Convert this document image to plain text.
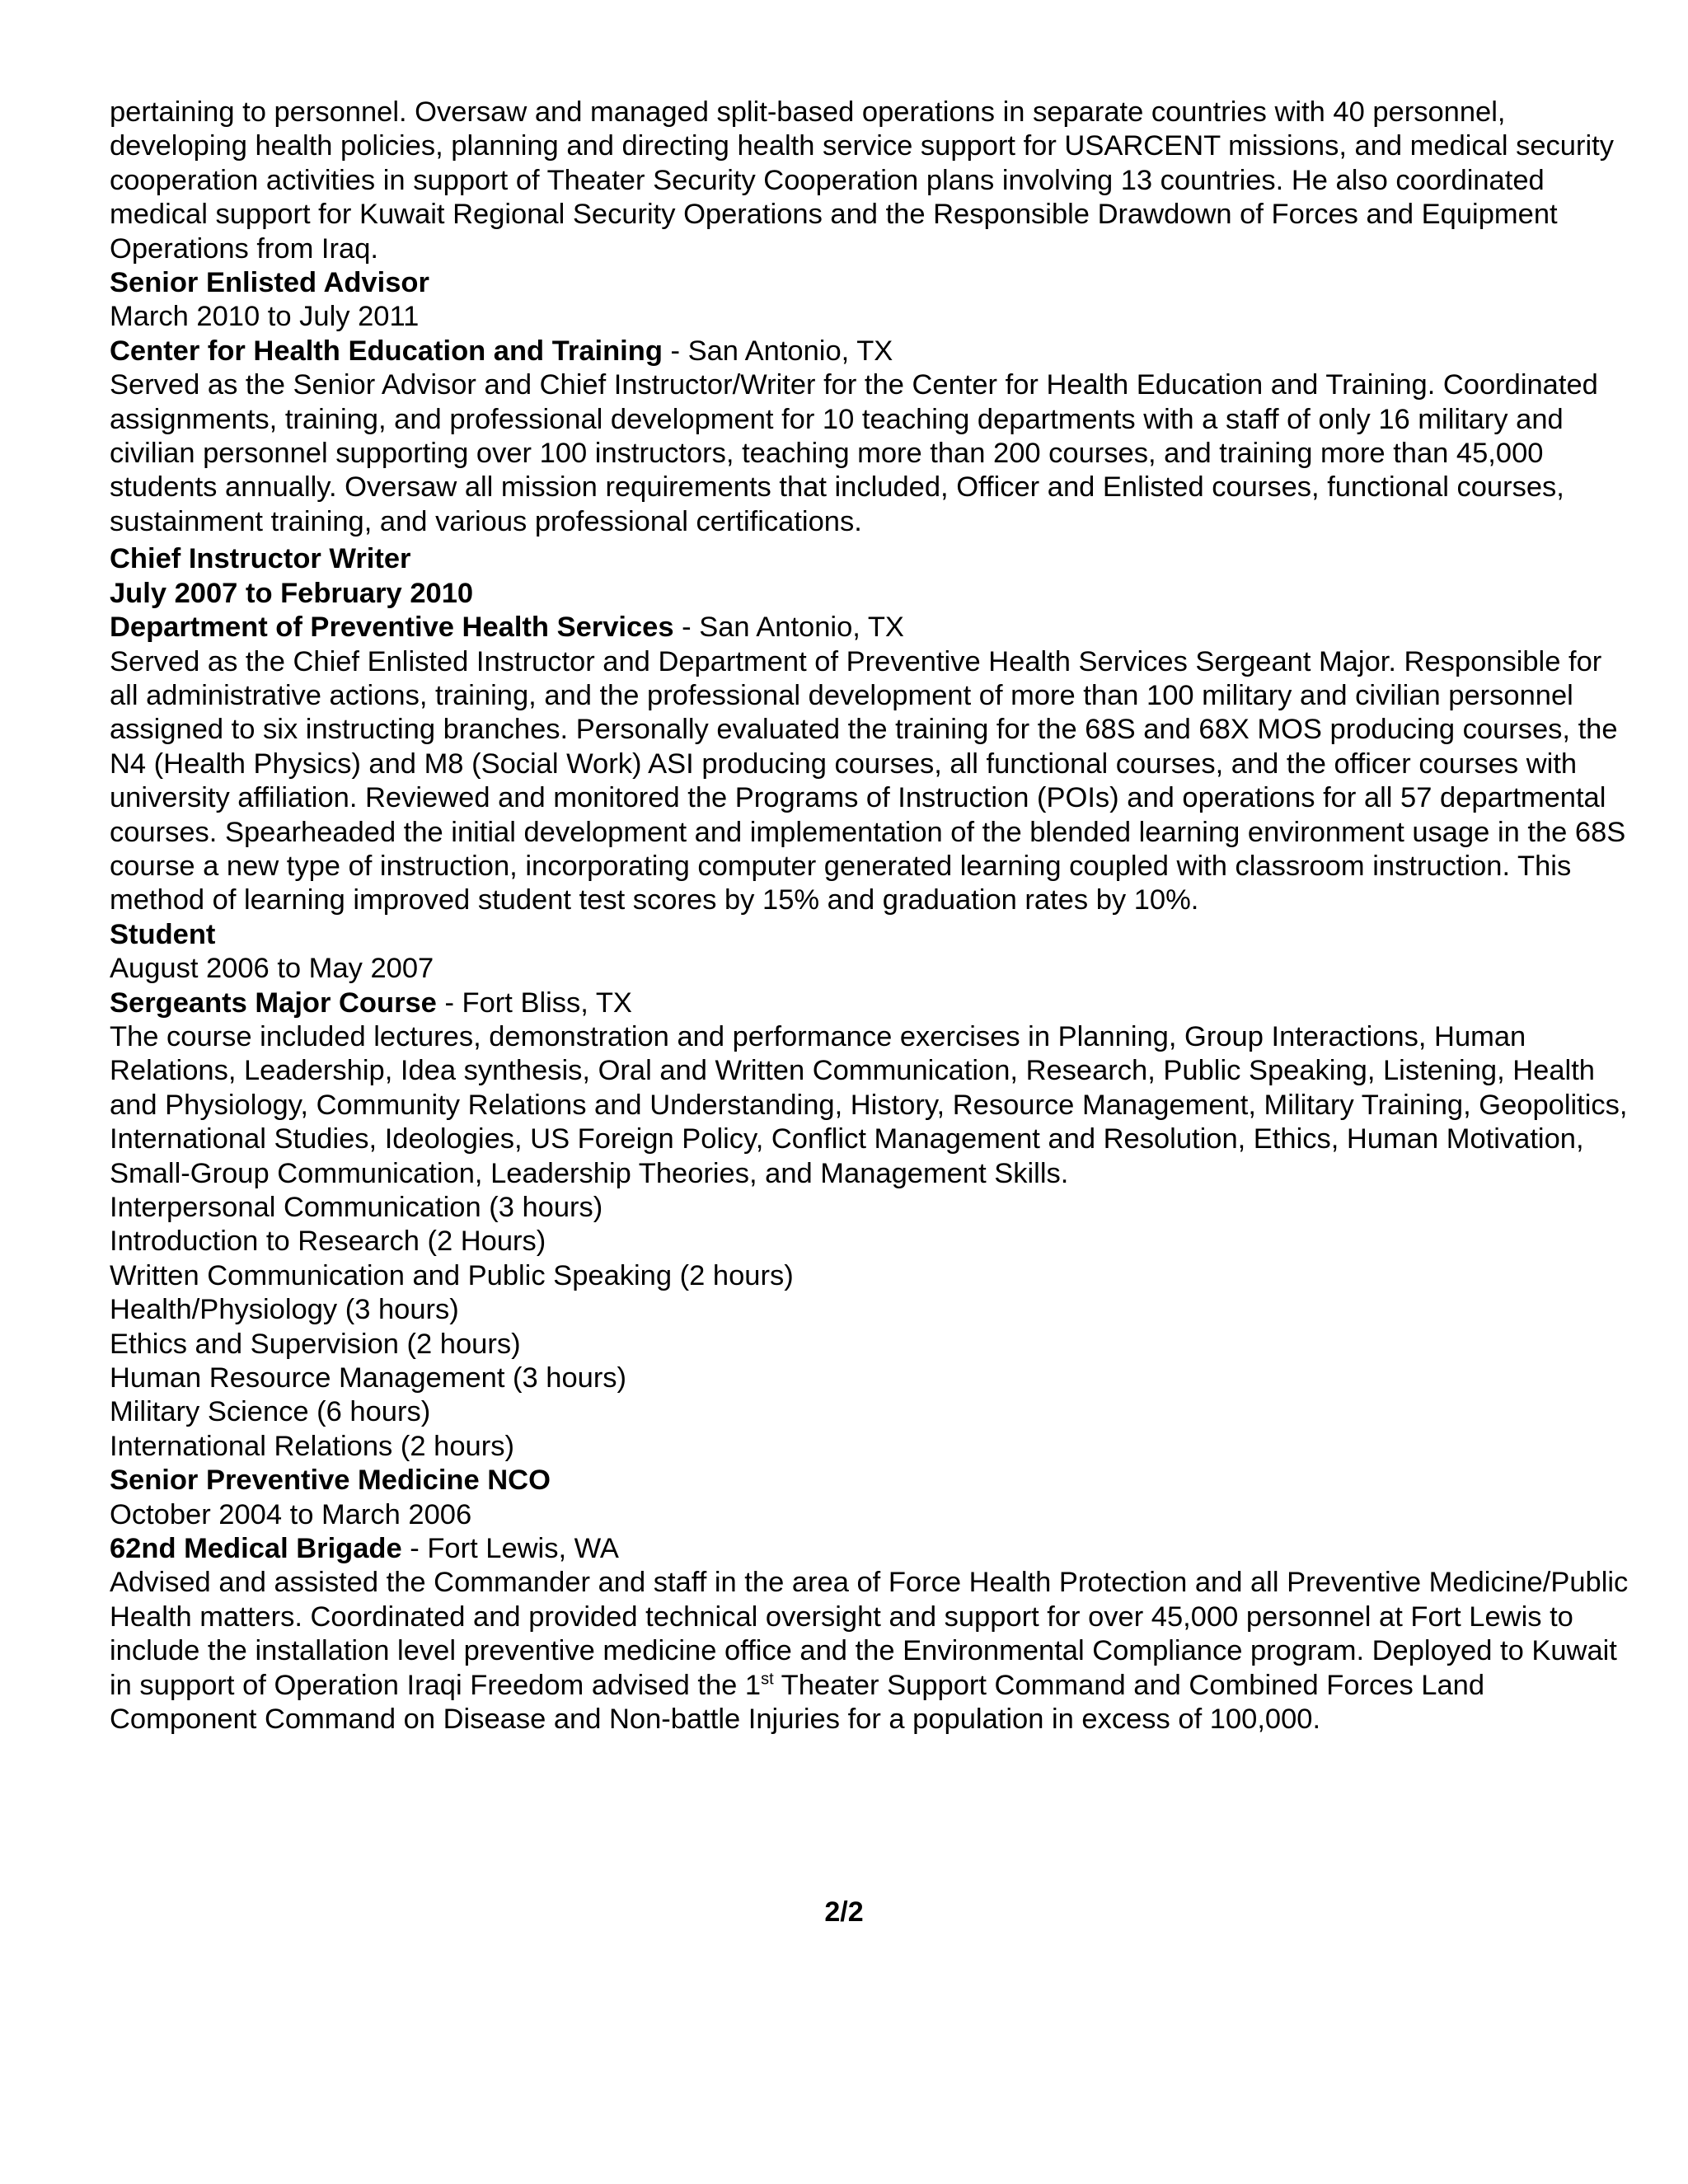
pertaining to personnel. Oversaw and managed split-based operations in separate countries with 40 personnel, developing health policies, planning and directing health service support for USARCENT missions, and medical security cooperation activities in support of Theater Security Cooperation plans involving 13 countries. He also coordinated medical support for Kuwait Regional Security Operations and the Responsible Drawdown of Forces and Equipment Operations from Iraq.

Senior Enlisted Advisor
March 2010 to July 2011
Center for Health Education and Training - San Antonio, TX

Served as the Senior Advisor and Chief Instructor/Writer for the Center for Health Education and Training. Coordinated assignments, training, and professional development for 10 teaching departments with a staff of only 16 military and civilian personnel supporting over 100 instructors, teaching more than 200 courses, and training more than 45,000 students annually. Oversaw all mission requirements that included, Officer and Enlisted courses, functional courses, sustainment training, and various professional certifications.

Chief Instructor Writer
July 2007 to February 2010
Department of Preventive Health Services - San Antonio, TX

Served as the Chief Enlisted Instructor and Department of Preventive Health Services Sergeant Major. Responsible for all administrative actions, training, and the professional development of more than 100 military and civilian personnel assigned to six instructing branches. Personally evaluated the training for the 68S and 68X MOS producing courses, the N4 (Health Physics) and M8 (Social Work) ASI producing courses, all functional courses, and the officer courses with university affiliation. Reviewed and monitored the Programs of Instruction (POIs) and operations for all 57 departmental courses. Spearheaded the initial development and implementation of the blended learning environment usage in the 68S course a new type of instruction, incorporating computer generated learning coupled with classroom instruction. This method of learning improved student test scores by 15% and graduation rates by 10%.

Student
August 2006 to May 2007
Sergeants Major Course - Fort Bliss, TX

The course included lectures, demonstration and performance exercises in Planning, Group Interactions, Human Relations, Leadership, Idea synthesis, Oral and Written Communication, Research, Public Speaking, Listening, Health and Physiology, Community Relations and Understanding, History, Resource Management, Military Training, Geopolitics, International Studies, Ideologies, US Foreign Policy, Conflict Management and Resolution, Ethics, Human Motivation, Small-Group Communication, Leadership Theories, and Management Skills.

Interpersonal Communication (3 hours)
Introduction to Research (2 Hours)
Written Communication and Public Speaking (2 hours)
Health/Physiology (3 hours)
Ethics and Supervision (2 hours)
Human Resource Management (3 hours)
Military Science (6 hours)
International Relations (2 hours)
Senior Preventive Medicine NCO
October 2004 to March 2006
62nd Medical Brigade - Fort Lewis, WA

Advised and assisted the Commander and staff in the area of Force Health Protection and all Preventive Medicine/Public Health matters. Coordinated and provided technical oversight and support for over 45,000 personnel at Fort Lewis to include the installation level preventive medicine office and the Environmental Compliance program. Deployed to Kuwait in support of Operation Iraqi Freedom advised the 1st Theater Support Command and Combined Forces Land Component Command on Disease and Non-battle Injuries for a population in excess of 100,000.

2/2
